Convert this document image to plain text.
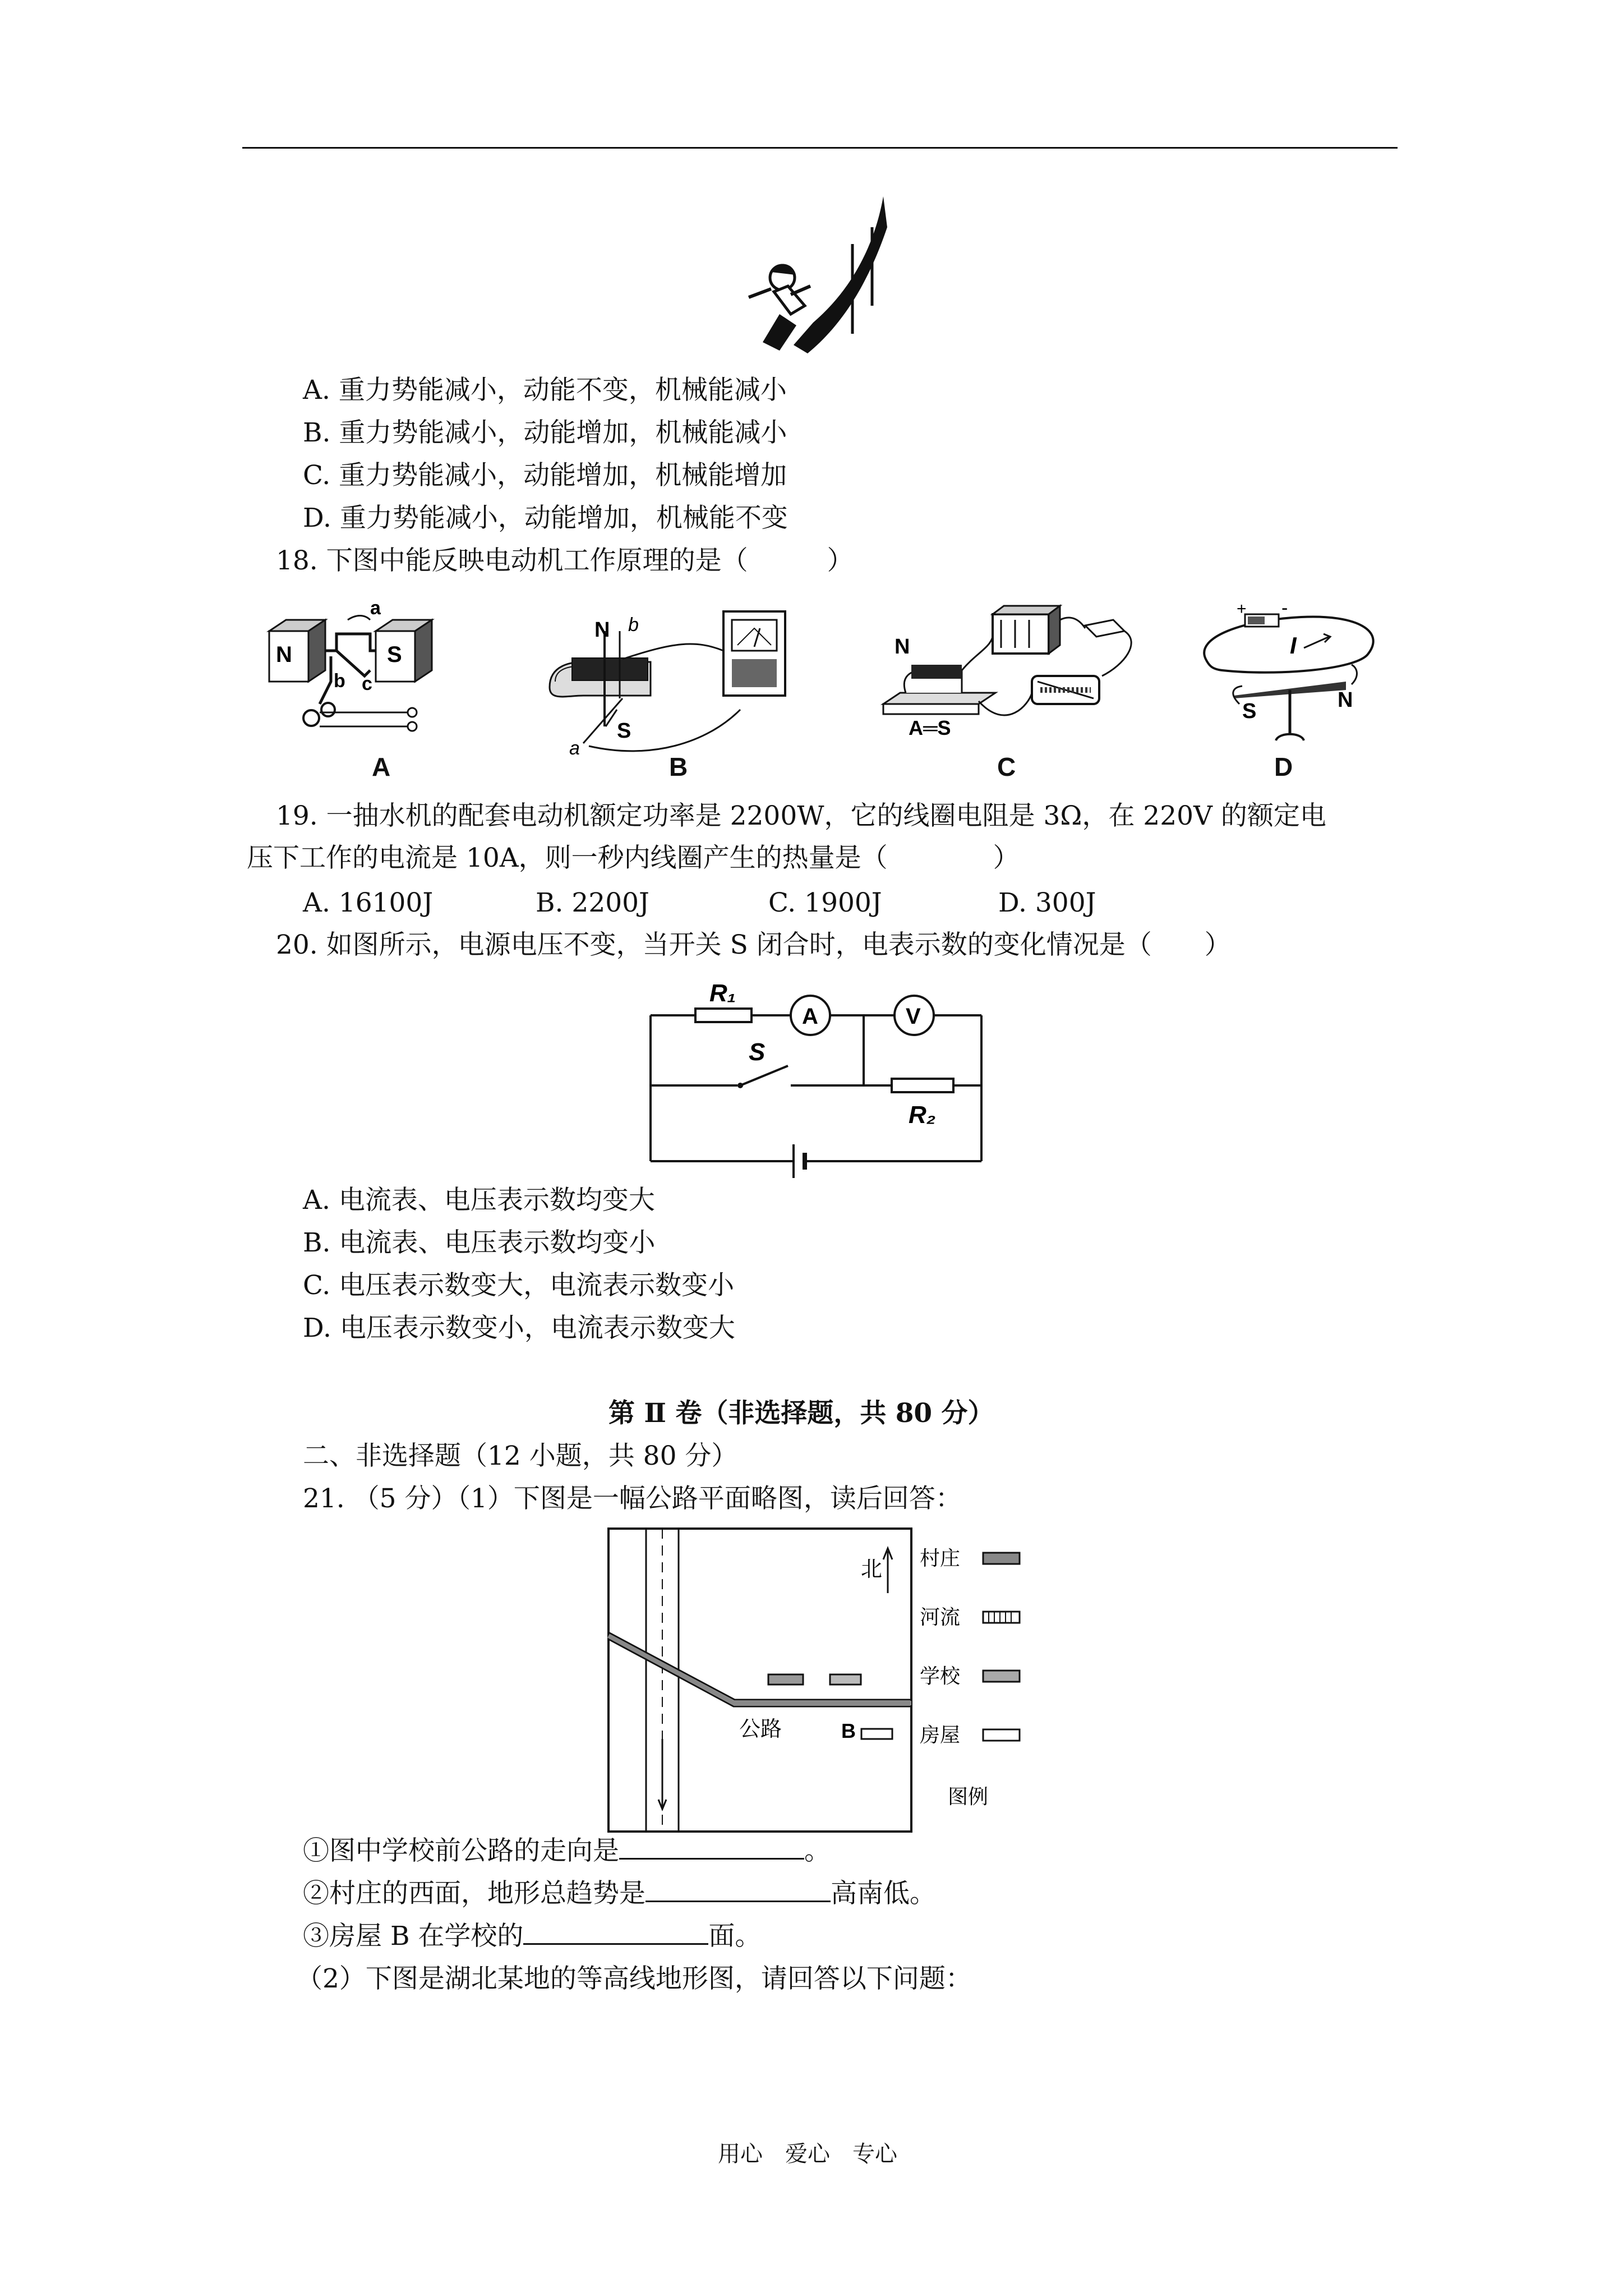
A. 重力势能减小，动能不变，机械能减小
B. 重力势能减小，动能增加，机械能减小
C. 重力势能减小，动能增加，机械能增加
D. 重力势能减小，动能增加，机械能不变
18. 下图中能反映电动机工作原理的是（　　　）
N	S
a
b c
A
N b
S
a
B
N
A═S
C
+ -
I
S	N
D
19. 一抽水机的配套电动机额定功率是 2200W，它的线圈电阻是 3Ω，在 220V 的额定电
压下工作的电流是 10A，则一秒内线圈产生的热量是（　　　　）
A. 16100J	B. 2200J	C. 1900J	D. 300J
20. 如图所示，电源电压不变，当开关 S 闭合时，电表示数的变化情况是（　　）
R₁
A	V
S
R₂
A. 电流表、电压表示数均变大
B. 电流表、电压表示数均变小
C. 电压表示数变大，电流表示数变小
D. 电压表示数变小，电流表示数变大
第 Ⅱ 卷（非选择题，共 80 分）
二、非选择题（12 小题，共 80 分）
21. （5 分）（1）下图是一幅公路平面略图，读后回答：
北
公路	B
村庄
河流
学校
房屋
图例
①图中学校前公路的走向是	。
②村庄的西面，地形总趋势是	高南低。
③房屋 B 在学校的	面。
（2）下图是湖北某地的等高线地形图，请回答以下问题：
用心　爱心　专心
